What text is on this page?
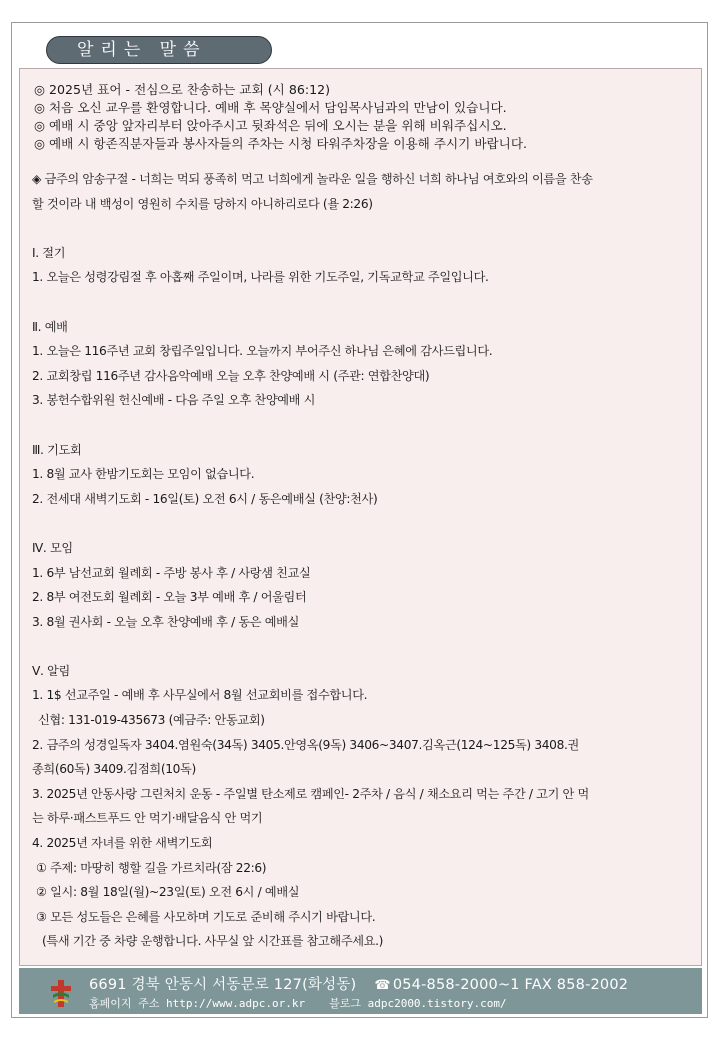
알리는 말씀
◎ 2025년 표어 - 전심으로 찬송하는 교회 (시 86:12)
◎ 처음 오신 교우를 환영합니다. 예배 후 목양실에서 담임목사님과의 만남이 있습니다.
◎ 예배 시 중앙 앞자리부터 앉아주시고 뒷좌석은 뒤에 오시는 분을 위해 비워주십시오.
◎ 예배 시 항존직분자들과 봉사자들의 주차는 시청 타워주차장을 이용해 주시기 바랍니다.
◈ 금주의 암송구절 - 너희는 먹되 풍족히 먹고 너희에게 놀라운 일을 행하신 너희 하나님 여호와의 이름을 찬송
할 것이라 내 백성이 영원히 수치를 당하지 아니하리로다 (욜 2:26)
Ⅰ. 절기
1. 오늘은 성령강림절 후 아홉째 주일이며, 나라를 위한 기도주일, 기독교학교 주일입니다.
Ⅱ. 예배
1. 오늘은 116주년 교회 창립주일입니다. 오늘까지 부어주신 하나님 은혜에 감사드립니다.
2. 교회창립 116주년 감사음악예배 오늘 오후 찬양예배 시 (주관: 연합찬양대)
3. 봉헌수합위원 헌신예배 - 다음 주일 오후 찬양예배 시
Ⅲ. 기도회
1. 8월 교사 한밤기도회는 모임이 없습니다.
2. 전세대 새벽기도회 - 16일(토) 오전 6시 / 동은예배실 (찬양:천사)
Ⅳ. 모임
1. 6부 남선교회 월례회 - 주방 봉사 후 / 사랑샘 친교실
2. 8부 여전도회 월례회 - 오늘 3부 예배 후 / 어울림터
3. 8월 권사회 - 오늘 오후 찬양예배 후 / 동은 예배실
Ⅴ. 알림
1. 1$ 선교주일 - 예배 후 사무실에서 8월 선교회비를 접수합니다.
신협: 131-019-435673 (예금주: 안동교회)
2. 금주의 성경일독자 3404.염원숙(34독) 3405.안영옥(9독) 3406~3407.김옥근(124~125독) 3408.권
종희(60독) 3409.김점희(10독)
3. 2025년 안동사랑 그린처치 운동 - 주일별 탄소제로 캠페인- 2주차 / 음식 / 채소요리 먹는 주간 / 고기 안 먹
는 하루·패스트푸드 안 먹기·배달음식 안 먹기
4. 2025년 자녀를 위한 새벽기도회
① 주제: 마땅히 행할 길을 가르치라(잠 22:6)
② 일시: 8월 18일(월)~23일(토) 오전 6시 / 예배실
③ 모든 성도들은 은혜를 사모하며 기도로 준비해 주시기 바랍니다.
(특새 기간 중 차량 운행합니다. 사무실 앞 시간표를 참고해주세요.)
6691 경북 안동시 서동문로 127(화성동) ☎ 054-858-2000~1 FAX 858-2002
홈페이지 주소 http://www.adpc.or.kr 블로그 adpc2000.tistory.com/
